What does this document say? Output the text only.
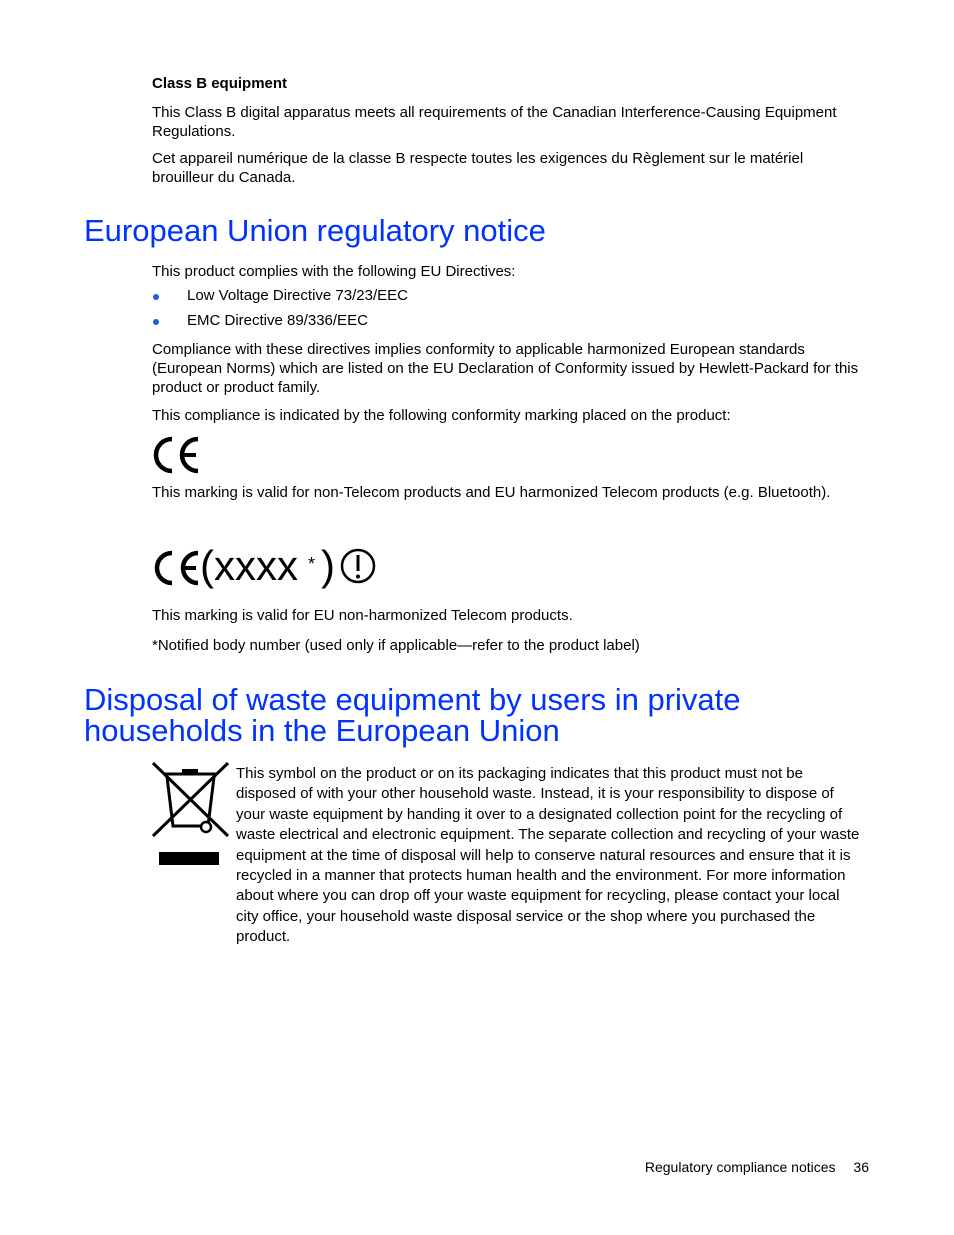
Class B equipment

This Class B digital apparatus meets all requirements of the Canadian Interference-Causing Equipment Regulations.

Cet appareil numérique de la classe B respecte toutes les exigences du Règlement sur le matériel brouilleur du Canada.

European Union regulatory notice

This product complies with the following EU Directives:

Low Voltage Directive 73/23/EEC

EMC Directive 89/336/EEC

Compliance with these directives implies conformity to applicable harmonized European standards (European Norms) which are listed on the EU Declaration of Conformity issued by Hewlett-Packard for this product or product family.

This compliance is indicated by the following conformity marking placed on the product:

This marking is valid for non-Telecom products and EU harmonized Telecom products (e.g. Bluetooth).

(xxxx * )

This marking is valid for EU non-harmonized Telecom products.

*Notified body number (used only if applicable—refer to the product label)

Disposal of waste equipment by users in private
households in the European Union

This symbol on the product or on its packaging indicates that this product must not be disposed of with your other household waste. Instead, it is your responsibility to dispose of your waste equipment by handing it over to a designated collection point for the recycling of waste electrical and electronic equipment. The separate collection and recycling of your waste equipment at the time of disposal will help to conserve natural resources and ensure that it is recycled in a manner that protects human health and the environment. For more information about where you can drop off your waste equipment for recycling, please contact your local city office, your household waste disposal service or the shop where you purchased the product.

Regulatory compliance notices 36
